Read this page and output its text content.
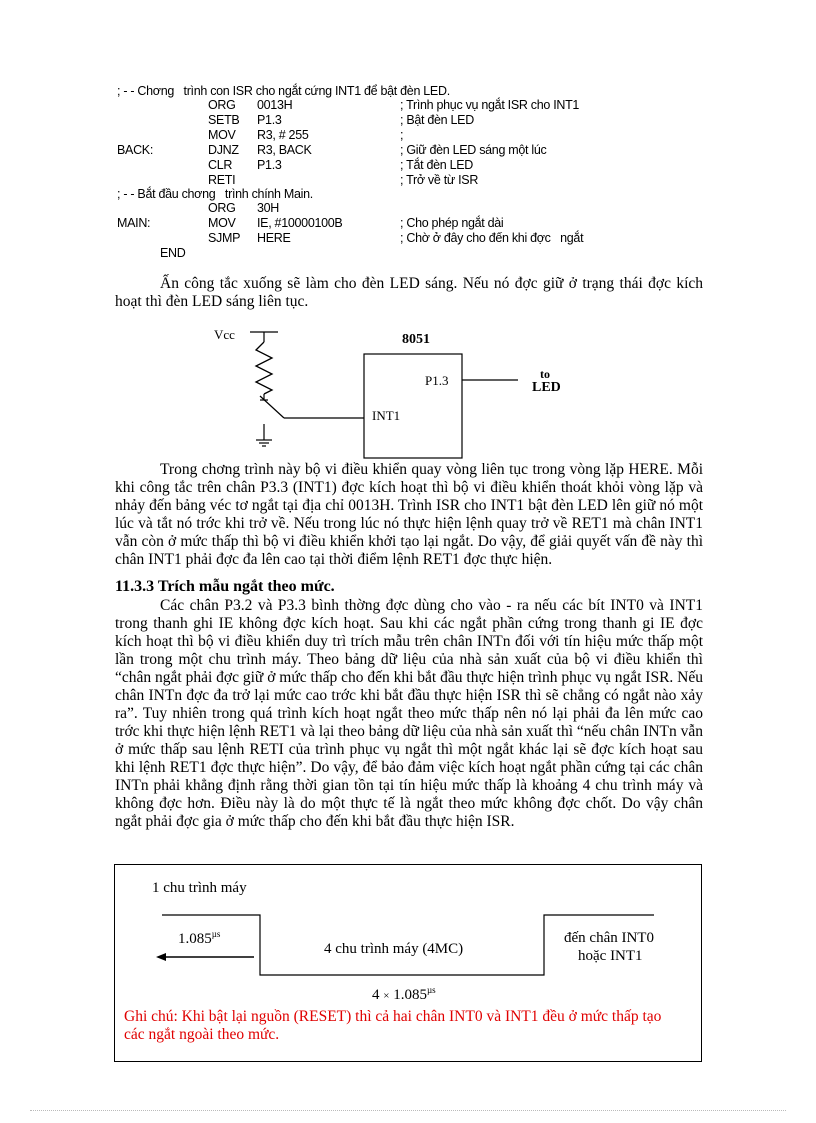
; - - Chơng   trình con ISR cho ngắt cứng INT1 để bật đèn LED.
ORG 0013H	; Trình phục vụ ngắt ISR cho INT1
SETB P1.3	; Bật đèn LED
MOV R3, # 255	;
BACK:	DJNZ R3, BACK	; Giữ đèn LED sáng một lúc
CLR P1.3	; Tắt đèn LED
RETI	; Trở về từ ISR
; - - Bắt đầu chơng   trình chính Main.
ORG 30H
MAIN:	MOV IE, #10000100B	; Cho phép ngắt dài
SJMP HERE	; Chờ ở đây cho đến khi đợc   ngắt
END

Ấn công tắc xuống sẽ làm cho đèn LED sáng. Nếu nó đợc giữ ở trạng thái đợc kích hoạt thì đèn LED sáng liên tục.

Vcc	8051
P1.3
INT1
to
LED

Trong chơng trình này bộ vi điều khiển quay vòng liên tục trong vòng lặp HERE. Mỗi khi công tắc trên chân P3.3 (INT1) đợc kích hoạt thì bộ vi điều khiển thoát khỏi vòng lặp và nhảy đến bảng véc tơ ngắt tại địa chỉ 0013H. Trình ISR cho INT1 bật đèn LED lên giữ nó một lúc và tắt nó trớc khi trở về. Nếu trong lúc nó thực hiện lệnh quay trở về RET1 mà chân INT1 vẫn còn ở mức thấp thì bộ vi điều khiển khởi tạo lại ngắt. Do vậy, để giải quyết vấn đề này thì chân INT1 phải đợc đa lên cao tại thời điểm lệnh RET1 đợc thực hiện.

11.3.3 Trích mẫu ngắt theo mức.

Các chân P3.2 và P3.3 bình thờng đợc dùng cho vào - ra nếu các bít INT0 và INT1 trong thanh ghi IE không đợc kích hoạt. Sau khi các ngắt phần cứng trong thanh gi IE đợc kích hoạt thì bộ vi điều khiển duy trì trích mẫu trên chân INTn đối với tín hiệu mức thấp một lần trong một chu trình máy. Theo bảng dữ liệu của nhà sản xuất của bộ vi điều khiển thì “chân ngắt phải đợc giữ ở mức thấp cho đến khi bắt đầu thực hiện trình phục vụ ngắt ISR. Nếu chân INTn đợc đa trở lại mức cao trớc khi bắt đầu thực hiện ISR thì sẽ chẳng có ngắt nào xảy ra”. Tuy nhiên trong quá trình kích hoạt ngắt theo mức thấp nên nó lại phải đa lên mức cao trớc khi thực hiện lệnh RET1 và lại theo bảng dữ liệu của nhà sản xuất thì “nếu chân INTn vẫn ở mức thấp sau lệnh RETI của trình phục vụ ngắt thì một ngắt khác lại sẽ đợc kích hoạt sau khi lệnh RET1 đợc thực hiện”. Do vậy, để bảo đảm việc kích hoạt ngắt phần cứng tại các chân INTn phải khẳng định rằng thời gian tồn tại tín hiệu mức thấp là khoảng 4 chu trình máy và không đợc hơn. Điều này là do một thực tế là ngắt theo mức không đợc chốt. Do vậy chân ngắt phải đợc gia ở mức thấp cho đến khi bắt đầu thực hiện ISR.

1 chu trình máy
$1.085^{\mu s}$
4 chu trình máy (4MC)
đến chân INT0
hoặc INT1
$4 \times 1.085^{\mu s}$
Ghi chú: Khi bật lại nguồn (RESET) thì cả hai chân INT0 và INT1 đều ở mức thấp tạo các ngắt ngoài theo mức.
